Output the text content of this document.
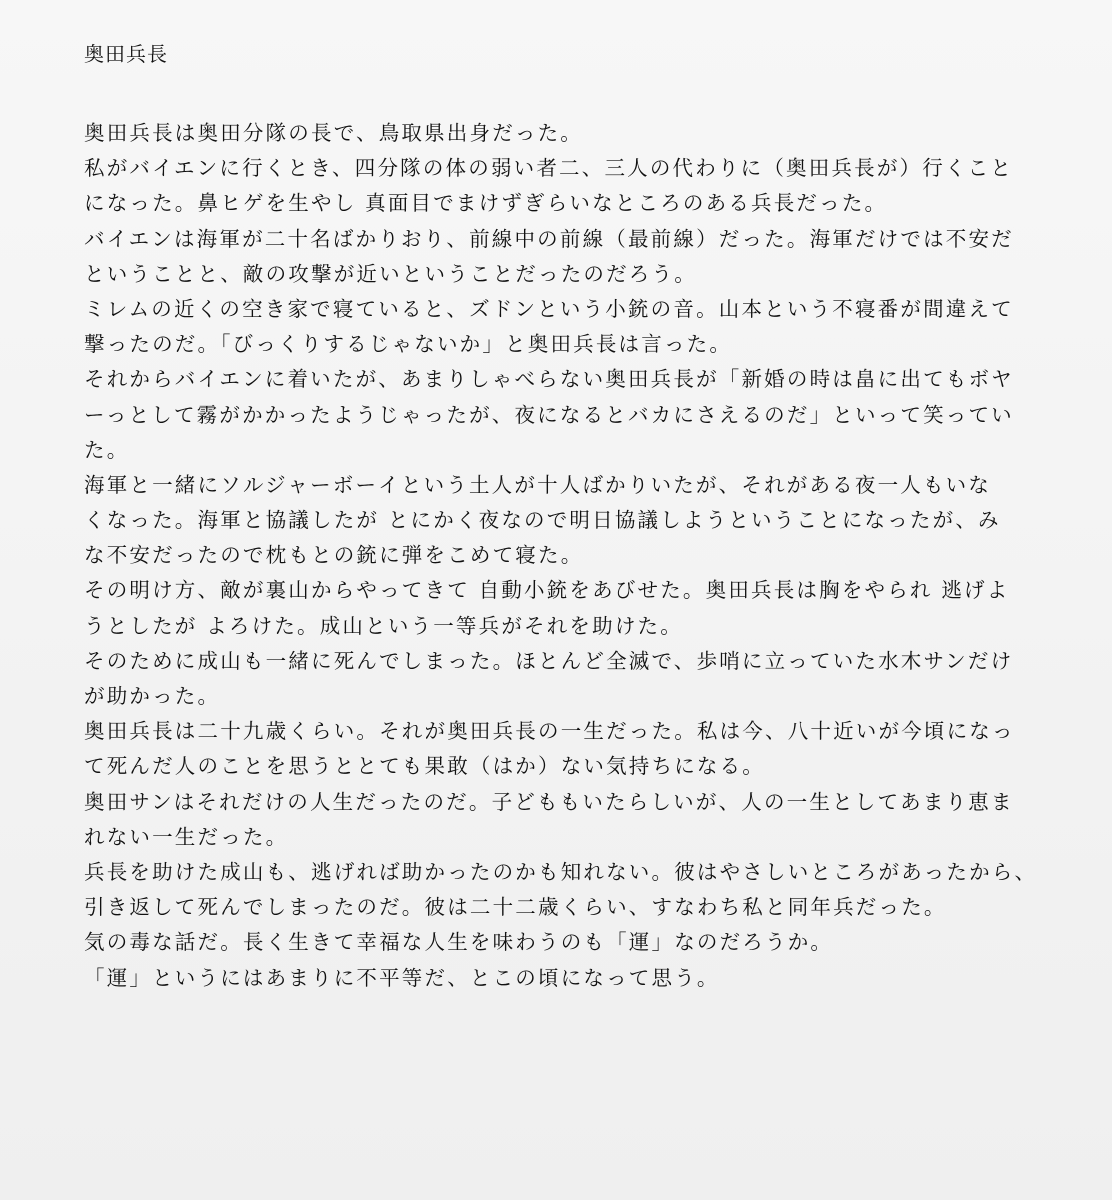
奥田兵長
奥田兵長は奥田分隊の長で、鳥取県出身だった。
私がバイエンに行くとき、四分隊の体の弱い者二、三人の代わりに（奥田兵長が）行くこと
になった。鼻ヒゲを生やし 真面目でまけずぎらいなところのある兵長だった。
バイエンは海軍が二十名ばかりおり、前線中の前線（最前線）だった。海軍だけでは不安だ
ということと、敵の攻撃が近いということだったのだろう。
ミレムの近くの空き家で寝ていると、ズドンという小銃の音。山本という不寝番が間違えて
撃ったのだ。「びっくりするじゃないか」と奥田兵長は言った。
それからバイエンに着いたが、あまりしゃべらない奥田兵長が「新婚の時は畠に出てもボヤ
ーっとして霧がかかったようじゃったが、夜になるとバカにさえるのだ」といって笑ってい
た。
海軍と一緒にソルジャーボーイという土人が十人ばかりいたが、それがある夜一人もいな
くなった。海軍と協議したが とにかく夜なので明日協議しようということになったが、み
な不安だったので枕もとの銃に弾をこめて寝た。
その明け方、敵が裏山からやってきて 自動小銃をあびせた。奥田兵長は胸をやられ 逃げよ
うとしたが よろけた。成山という一等兵がそれを助けた。
そのために成山も一緒に死んでしまった。ほとんど全滅で、歩哨に立っていた水木サンだけ
が助かった。
奥田兵長は二十九歳くらい。それが奥田兵長の一生だった。私は今、八十近いが今頃になっ
て死んだ人のことを思うととても果敢（はか）ない気持ちになる。
奥田サンはそれだけの人生だったのだ。子どももいたらしいが、人の一生としてあまり恵ま
れない一生だった。
兵長を助けた成山も、逃げれば助かったのかも知れない。彼はやさしいところがあったから、
引き返して死んでしまったのだ。彼は二十二歳くらい、すなわち私と同年兵だった。
気の毒な話だ。長く生きて幸福な人生を味わうのも「運」なのだろうか。
「運」というにはあまりに不平等だ、とこの頃になって思う。
